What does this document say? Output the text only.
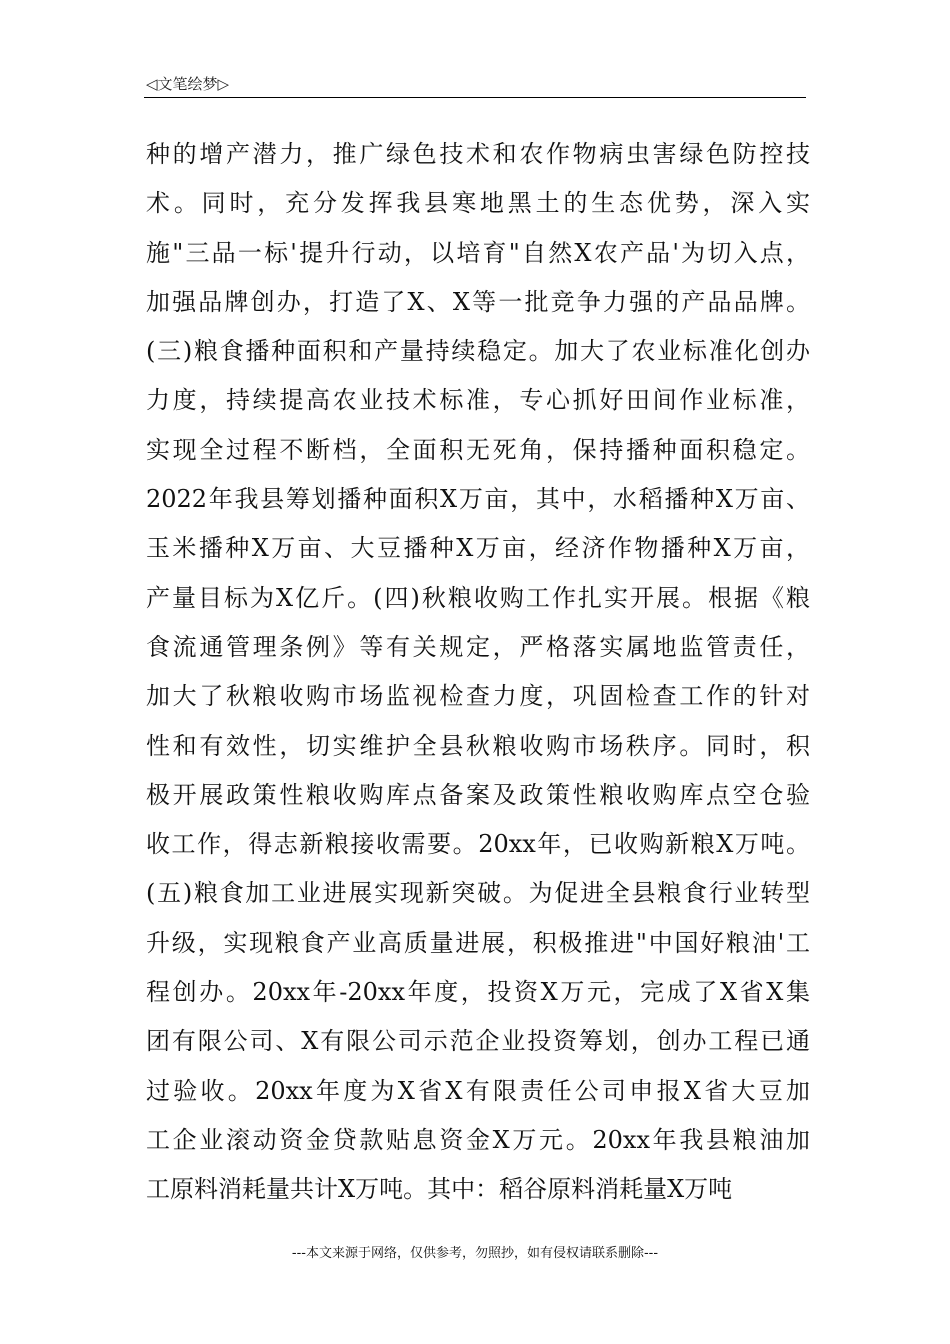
◁文笔绘梦▷
种的增产潜力，推广绿色技术和农作物病虫害绿色防控技
术。同时，充分发挥我县寒地黑土的生态优势，深入实
施"三品一标'提升行动，以培育"自然X农产品'为切入点，
加强品牌创办，打造了X、X等一批竞争力强的产品品牌。
(三)粮食播种面积和产量持续稳定。加大了农业标准化创办
力度，持续提高农业技术标准，专心抓好田间作业标准，
实现全过程不断档，全面积无死角，保持播种面积稳定。
2022年我县筹划播种面积X万亩，其中，水稻播种X万亩、
玉米播种X万亩、大豆播种X万亩，经济作物播种X万亩，
产量目标为X亿斤。(四)秋粮收购工作扎实开展。根据《粮
食流通管理条例》等有关规定，严格落实属地监管责任，
加大了秋粮收购市场监视检查力度，巩固检查工作的针对
性和有效性，切实维护全县秋粮收购市场秩序。同时，积
极开展政策性粮收购库点备案及政策性粮收购库点空仓验
收工作，得志新粮接收需要。20xx年，已收购新粮X万吨。
(五)粮食加工业进展实现新突破。为促进全县粮食行业转型
升级，实现粮食产业高质量进展，积极推进"中国好粮油'工
程创办。20xx年-20xx年度，投资X万元，完成了X省X集
团有限公司、X有限公司示范企业投资筹划，创办工程已通
过验收。20xx年度为X省X有限责任公司申报X省大豆加
工企业滚动资金贷款贴息资金X万元。20xx年我县粮油加
工原料消耗量共计X万吨。其中：稻谷原料消耗量X万吨
---本文来源于网络，仅供参考，勿照抄，如有侵权请联系删除---
